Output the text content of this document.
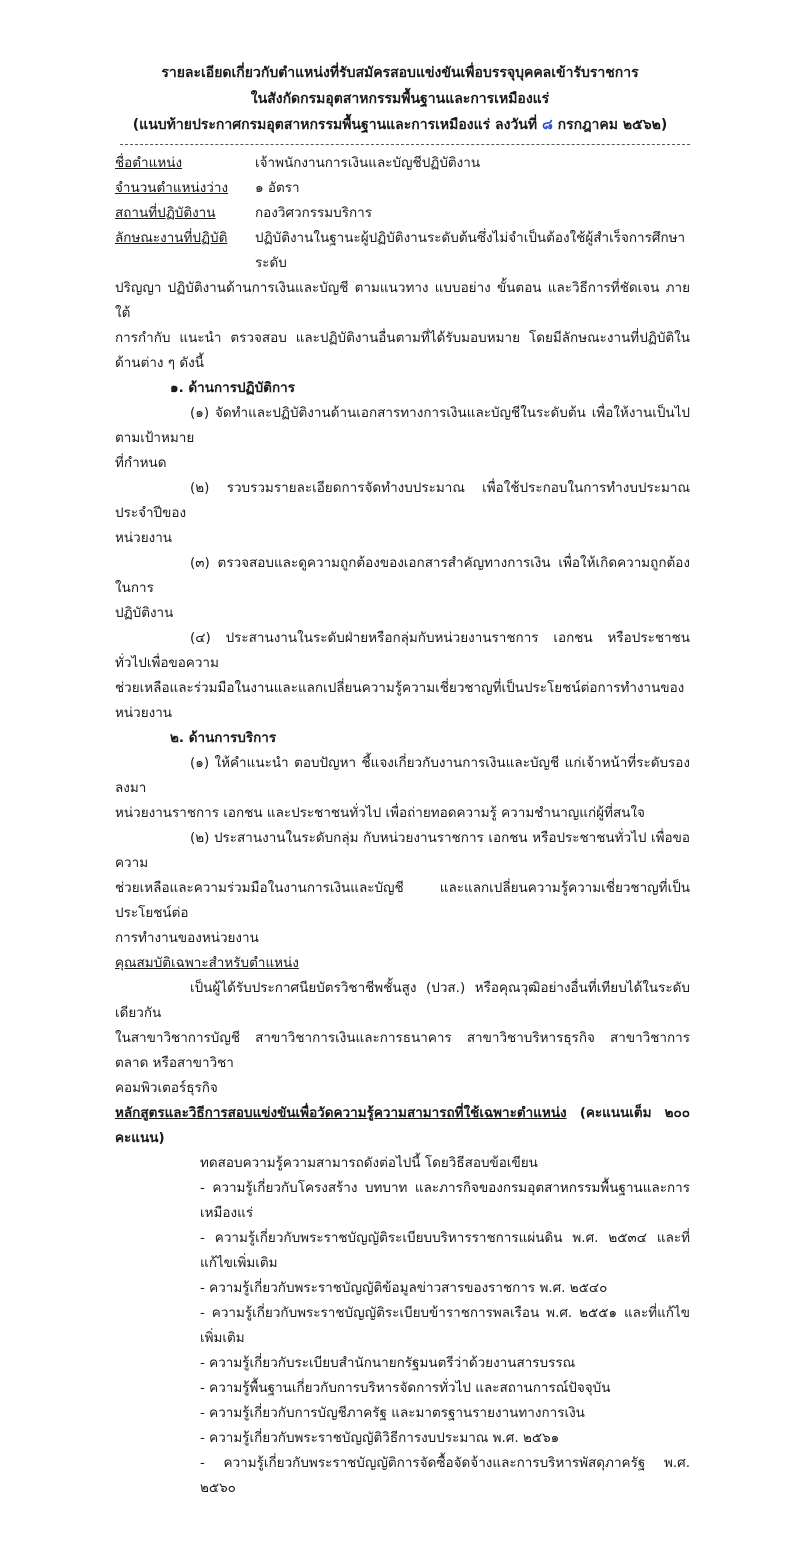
รายละเอียดเกี่ยวกับตำแหน่งที่รับสมัครสอบแข่งขันเพื่อบรรจุบุคคลเข้ารับราชการ
ในสังกัดกรมอุตสาหกรรมพื้นฐานและการเหมืองแร่
(แนบท้ายประกาศกรมอุตสาหกรรมพื้นฐานและการเหมืองแร่ ลงวันที่ ๘ กรกฎาคม ๒๕๖๒)
ชื่อตำแหน่ง	เจ้าพนักงานการเงินและบัญชีปฏิบัติงาน
จำนวนตำแหน่งว่าง	๑ อัตรา
สถานที่ปฏิบัติงาน	กองวิศวกรรมบริการ
ลักษณะงานที่ปฏิบัติ	ปฏิบัติงานในฐานะผู้ปฏิบัติงานระดับต้นซึ่งไม่จำเป็นต้องใช้ผู้สำเร็จการศึกษาระดับ
ปริญญา ปฏิบัติงานด้านการเงินและบัญชี ตามแนวทาง แบบอย่าง ขั้นตอน และวิธีการที่ชัดเจน ภายใต้
การกำกับ แนะนำ ตรวจสอบ และปฏิบัติงานอื่นตามที่ได้รับมอบหมาย โดยมีลักษณะงานที่ปฏิบัติในด้านต่าง ๆ ดังนี้
๑. ด้านการปฏิบัติการ
(๑) จัดทำและปฏิบัติงานด้านเอกสารทางการเงินและบัญชีในระดับต้น เพื่อให้งานเป็นไปตามเป้าหมาย
ที่กำหนด
(๒) รวบรวมรายละเอียดการจัดทำงบประมาณ เพื่อใช้ประกอบในการทำงบประมาณประจำปีของ
หน่วยงาน
(๓) ตรวจสอบและดูความถูกต้องของเอกสารสำคัญทางการเงิน เพื่อให้เกิดความถูกต้องในการ
ปฏิบัติงาน
(๔) ประสานงานในระดับฝ่ายหรือกลุ่มกับหน่วยงานราชการ เอกชน หรือประชาชนทั่วไปเพื่อขอความ
ช่วยเหลือและร่วมมือในงานและแลกเปลี่ยนความรู้ความเชี่ยวชาญที่เป็นประโยชน์ต่อการทำงานของหน่วยงาน
๒. ด้านการบริการ
(๑) ให้คำแนะนำ ตอบปัญหา ชี้แจงเกี่ยวกับงานการเงินและบัญชี แก่เจ้าหน้าที่ระดับรองลงมา
หน่วยงานราชการ เอกชน และประชาชนทั่วไป เพื่อถ่ายทอดความรู้ ความชำนาญแก่ผู้ที่สนใจ
(๒) ประสานงานในระดับกลุ่ม กับหน่วยงานราชการ เอกชน หรือประชาชนทั่วไป เพื่อขอความ
ช่วยเหลือและความร่วมมือในงานการเงินและบัญชี และแลกเปลี่ยนความรู้ความเชี่ยวชาญที่เป็นประโยชน์ต่อ
การทำงานของหน่วยงาน
คุณสมบัติเฉพาะสำหรับตำแหน่ง
เป็นผู้ได้รับประกาศนียบัตรวิชาชีพชั้นสูง (ปวส.) หรือคุณวุฒิอย่างอื่นที่เทียบได้ในระดับเดียวกัน
ในสาขาวิชาการบัญชี สาขาวิชาการเงินและการธนาคาร สาขาวิชาบริหารธุรกิจ สาขาวิชาการตลาด หรือสาขาวิชา
คอมพิวเตอร์ธุรกิจ
หลักสูตรและวิธีการสอบแข่งขันเพื่อวัดความรู้ความสามารถที่ใช้เฉพาะตำแหน่ง (คะแนนเต็ม ๒๐๐ คะแนน)
ทดสอบความรู้ความสามารถดังต่อไปนี้ โดยวิธีสอบข้อเขียน
- ความรู้เกี่ยวกับโครงสร้าง บทบาท และภารกิจของกรมอุตสาหกรรมพื้นฐานและการเหมืองแร่
- ความรู้เกี่ยวกับพระราชบัญญัติระเบียบบริหารราชการแผ่นดิน พ.ศ. ๒๕๓๔ และที่แก้ไขเพิ่มเติม
- ความรู้เกี่ยวกับพระราชบัญญัติข้อมูลข่าวสารของราชการ พ.ศ. ๒๕๔๐
- ความรู้เกี่ยวกับพระราชบัญญัติระเบียบข้าราชการพลเรือน พ.ศ. ๒๕๕๑ และที่แก้ไขเพิ่มเติม
- ความรู้เกี่ยวกับระเบียบสำนักนายกรัฐมนตรีว่าด้วยงานสารบรรณ
- ความรู้พื้นฐานเกี่ยวกับการบริหารจัดการทั่วไป และสถานการณ์ปัจจุบัน
- ความรู้เกี่ยวกับการบัญชีภาครัฐ และมาตรฐานรายงานทางการเงิน
- ความรู้เกี่ยวกับพระราชบัญญัติวิธีการงบประมาณ พ.ศ. ๒๕๖๑
- ความรู้เกี่ยวกับพระราชบัญญัติการจัดซื้อจัดจ้างและการบริหารพัสดุภาครัฐ พ.ศ. ๒๕๖๐
